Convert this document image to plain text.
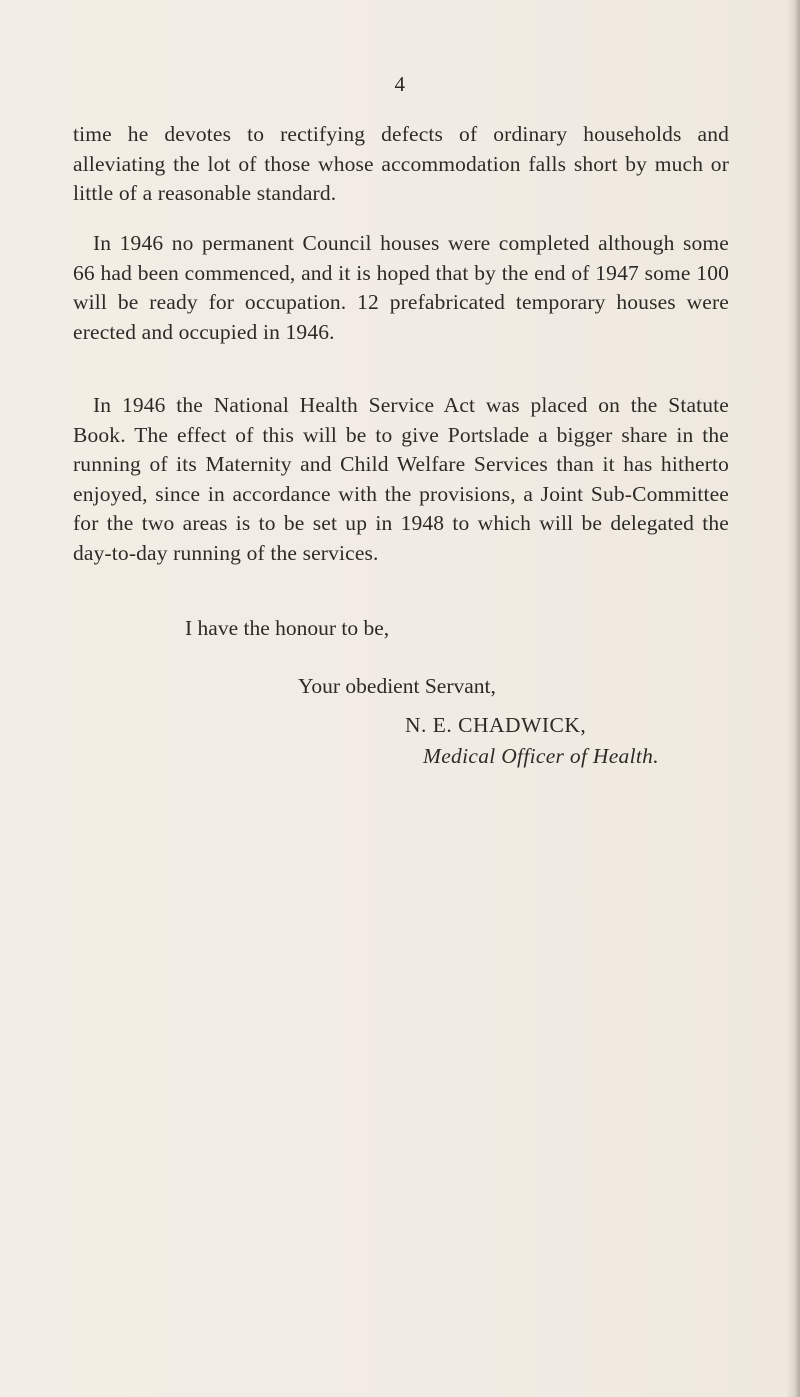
4

time he devotes to rectifying defects of ordinary households and alleviating the lot of those whose accommodation falls short by much or little of a reasonable standard.

In 1946 no permanent Council houses were completed although some 66 had been commenced, and it is hoped that by the end of 1947 some 100 will be ready for occupation. 12 prefabricated temporary houses were erected and occupied in 1946.

In 1946 the National Health Service Act was placed on the Statute Book. The effect of this will be to give Portslade a bigger share in the running of its Maternity and Child Welfare Services than it has hitherto enjoyed, since in accordance with the provisions, a Joint Sub-Committee for the two areas is to be set up in 1948 to which will be delegated the day-to-day running of the services.

I have the honour to be,

Your obedient Servant,

N. E. CHADWICK,

Medical Officer of Health.
